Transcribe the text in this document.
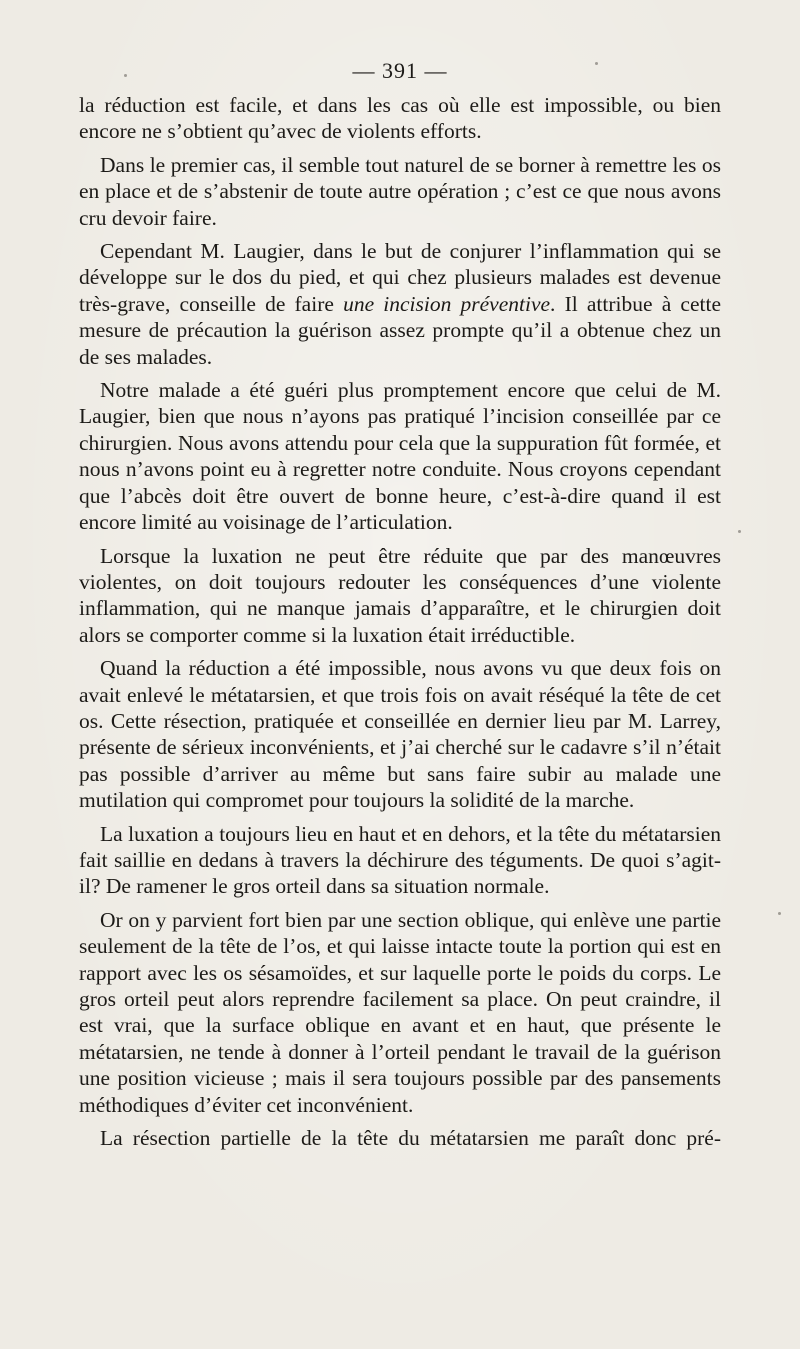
— 391 —

la réduction est facile, et dans les cas où elle est impossible, ou bien encore ne s’obtient qu’avec de violents efforts.

Dans le premier cas, il semble tout naturel de se borner à remettre les os en place et de s’abstenir de toute autre opération ; c’est ce que nous avons cru devoir faire.

Cependant M. Laugier, dans le but de conjurer l’inflammation qui se développe sur le dos du pied, et qui chez plusieurs malades est devenue très-grave, conseille de faire une incision préventive. Il attribue à cette mesure de précaution la guérison assez prompte qu’il a obtenue chez un de ses malades.

Notre malade a été guéri plus promptement encore que celui de M. Laugier, bien que nous n’ayons pas pratiqué l’incision conseillée par ce chirurgien. Nous avons attendu pour cela que la suppuration fût formée, et nous n’avons point eu à regretter notre conduite. Nous croyons cependant que l’abcès doit être ouvert de bonne heure, c’est-à-dire quand il est encore limité au voisinage de l’articulation.

Lorsque la luxation ne peut être réduite que par des manœuvres violentes, on doit toujours redouter les conséquences d’une violente inflammation, qui ne manque jamais d’apparaître, et le chirurgien doit alors se comporter comme si la luxation était irréductible.

Quand la réduction a été impossible, nous avons vu que deux fois on avait enlevé le métatarsien, et que trois fois on avait réséqué la tête de cet os. Cette résection, pratiquée et conseillée en dernier lieu par M. Larrey, présente de sérieux inconvénients, et j’ai cherché sur le cadavre s’il n’était pas possible d’arriver au même but sans faire subir au malade une mutilation qui compromet pour toujours la solidité de la marche.

La luxation a toujours lieu en haut et en dehors, et la tête du métatarsien fait saillie en dedans à travers la déchirure des téguments. De quoi s’agit-il? De ramener le gros orteil dans sa situation normale.

Or on y parvient fort bien par une section oblique, qui enlève une partie seulement de la tête de l’os, et qui laisse intacte toute la portion qui est en rapport avec les os sésamoïdes, et sur laquelle porte le poids du corps. Le gros orteil peut alors reprendre facilement sa place. On peut craindre, il est vrai, que la surface oblique en avant et en haut, que présente le métatarsien, ne tende à donner à l’orteil pendant le travail de la guérison une position vicieuse ; mais il sera toujours possible par des pansements méthodiques d’éviter cet inconvénient.

La résection partielle de la tête du métatarsien me paraît donc pré-
